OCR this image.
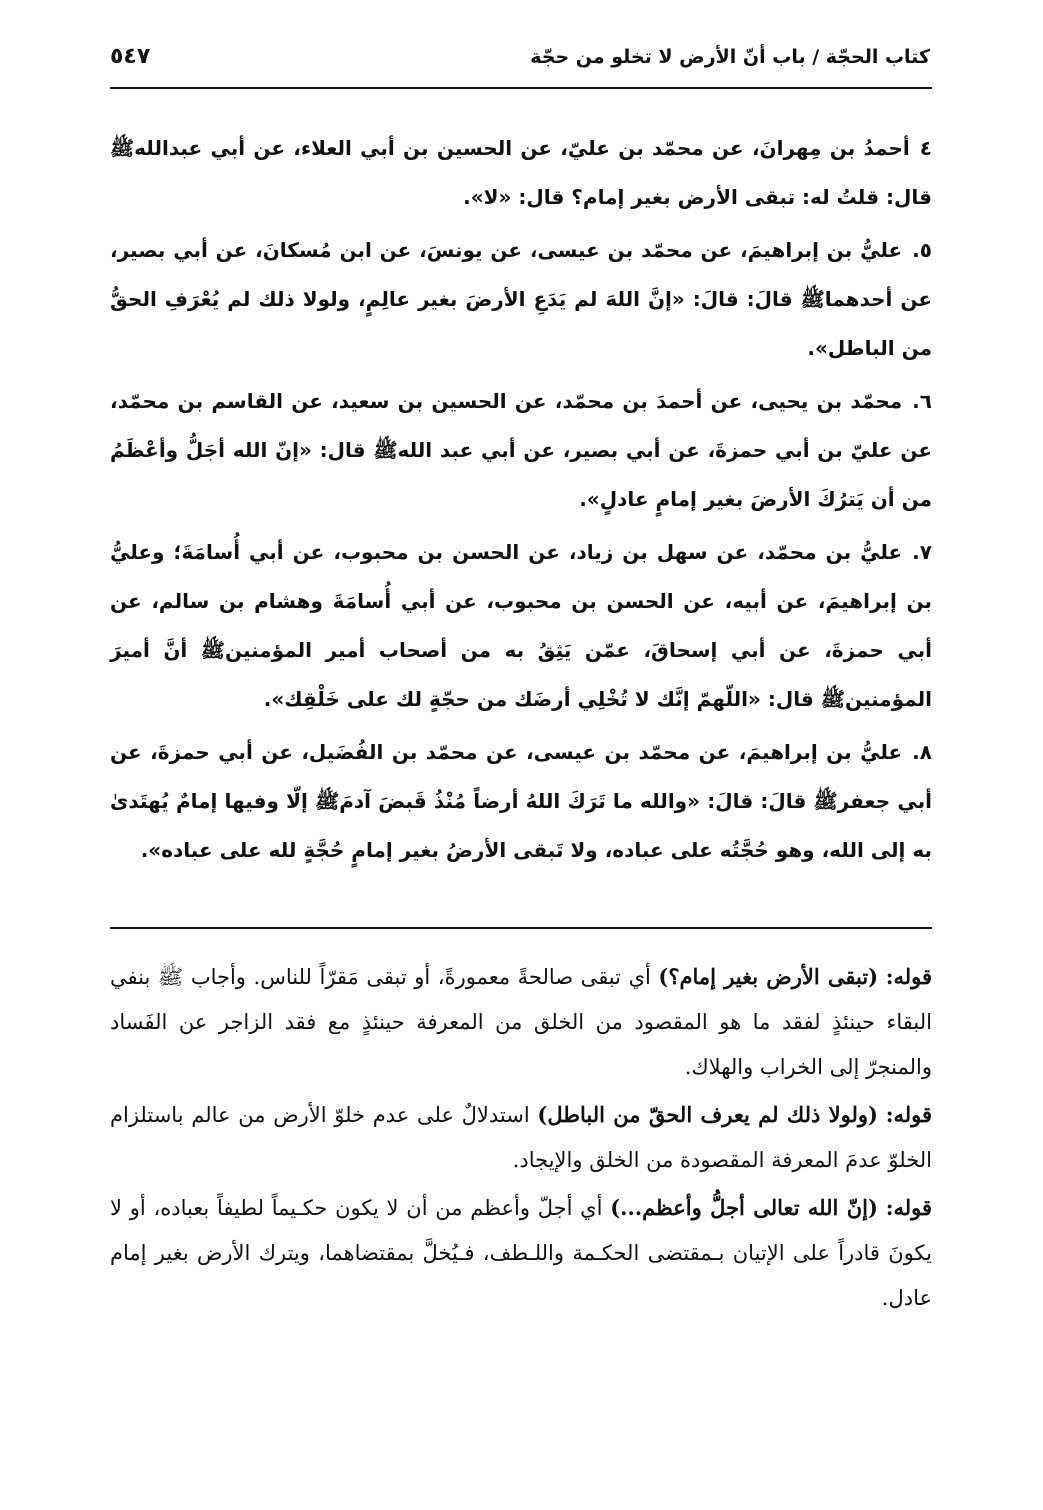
كتاب الحجّة / باب أنّ الأرض لا تخلو من حجّة
٥٤٧

٤أحمدُ بن مِهرانَ، عن محمّد بن عليّ، عن الحسين بن أبي العلاء، عن أبي عبدالله‌ﷺ قال: قلتُ له: تبقى الأرض بغير إمام؟ قال: «لا».

٥.عليُّ بن إبراهيمَ، عن محمّد بن عيسى، عن يونسَ، عن ابن مُسكانَ، عن أبي بصير، عن أحدهما‌ﷺ قالَ: قالَ: «إنَّ اللهَ لم يَدَعِ الأرضَ بغير عالِمٍ، ولولا ذلك لم يُعْرَفِ الحقُّ من الباطل».

٦.محمّد بن يحيى، عن أحمدَ بن محمّد، عن الحسين بن سعيد، عن القاسم بن محمّد، عن عليّ بن أبي حمزةَ، عن أبي بصير، عن أبي عبد الله‌ﷺ قال: «إنّ الله أجَلُّ وأعْظَمُ من أن يَترُكَ الأرضَ بغير إمامٍ عادلٍ».

٧.عليُّ بن محمّد، عن سهل بن زياد، عن الحسن بن محبوب، عن أبي أُسامَةَ؛ وعليُّ بن إبراهيمَ، عن أبيه، عن الحسن بن محبوب، عن أبي أُسامَةَ وهشام بن سالم، عن أبي حمزةَ، عن أبي إسحاقَ، عمّن يَثِقُ به من أصحاب أمير المؤمنين‌ﷺ أنَّ أميرَ المؤمنين‌ﷺ قال: «اللّهمّ إنَّك لا تُخْلِي أرضَك من حجّةٍ لك على خَلْقِك».

٨.عليُّ بن إبراهيمَ، عن محمّد بن عيسى، عن محمّد بن الفُضَيل، عن أبي حمزةَ، عن أبي جعفر‌ﷺ قالَ: قالَ: «والله ما تَرَكَ اللهُ أرضاً مُنْذُ قَبضَ آدمَ‌ﷺ إلّا وفيها إمامٌ يُهتَدىٰ به إلى الله، وهو حُجَّتُه على عباده، ولا تَبقى الأرضُ بغير إمامٍ حُجَّةٍ لله على عباده».

قوله: (تبقى الأرض بغير إمام؟) أي تبقى صالحةً معمورةً، أو تبقى مَقرّاً للناس. وأجاب ﷺ بنفي البقاء حينئذٍ لفقد ما هو المقصود من الخلق من المعرفة حينئذٍ مع فقد الزاجر عن الفَساد والمنجرّ إلى الخراب والهلاك.

قوله: (ولولا ذلك لم يعرف الحقّ من الباطل) استدلالٌ على عدم خلوّ الأرض من عالم باستلزام الخلوّ عدمَ المعرفة المقصودة من الخلق والإيجاد.

قوله: (إنّ الله تعالى أجلُّ وأعظم...) أي أجلّ وأعظم من أن لا يكون حكـيماً لطيفاً بعباده، أو لا يكونَ قادراً على الإتيان بـمقتضى الحكـمة واللـطف، فـيُخلَّ بمقتضاهما، ويترك الأرض بغير إمام عادل.
